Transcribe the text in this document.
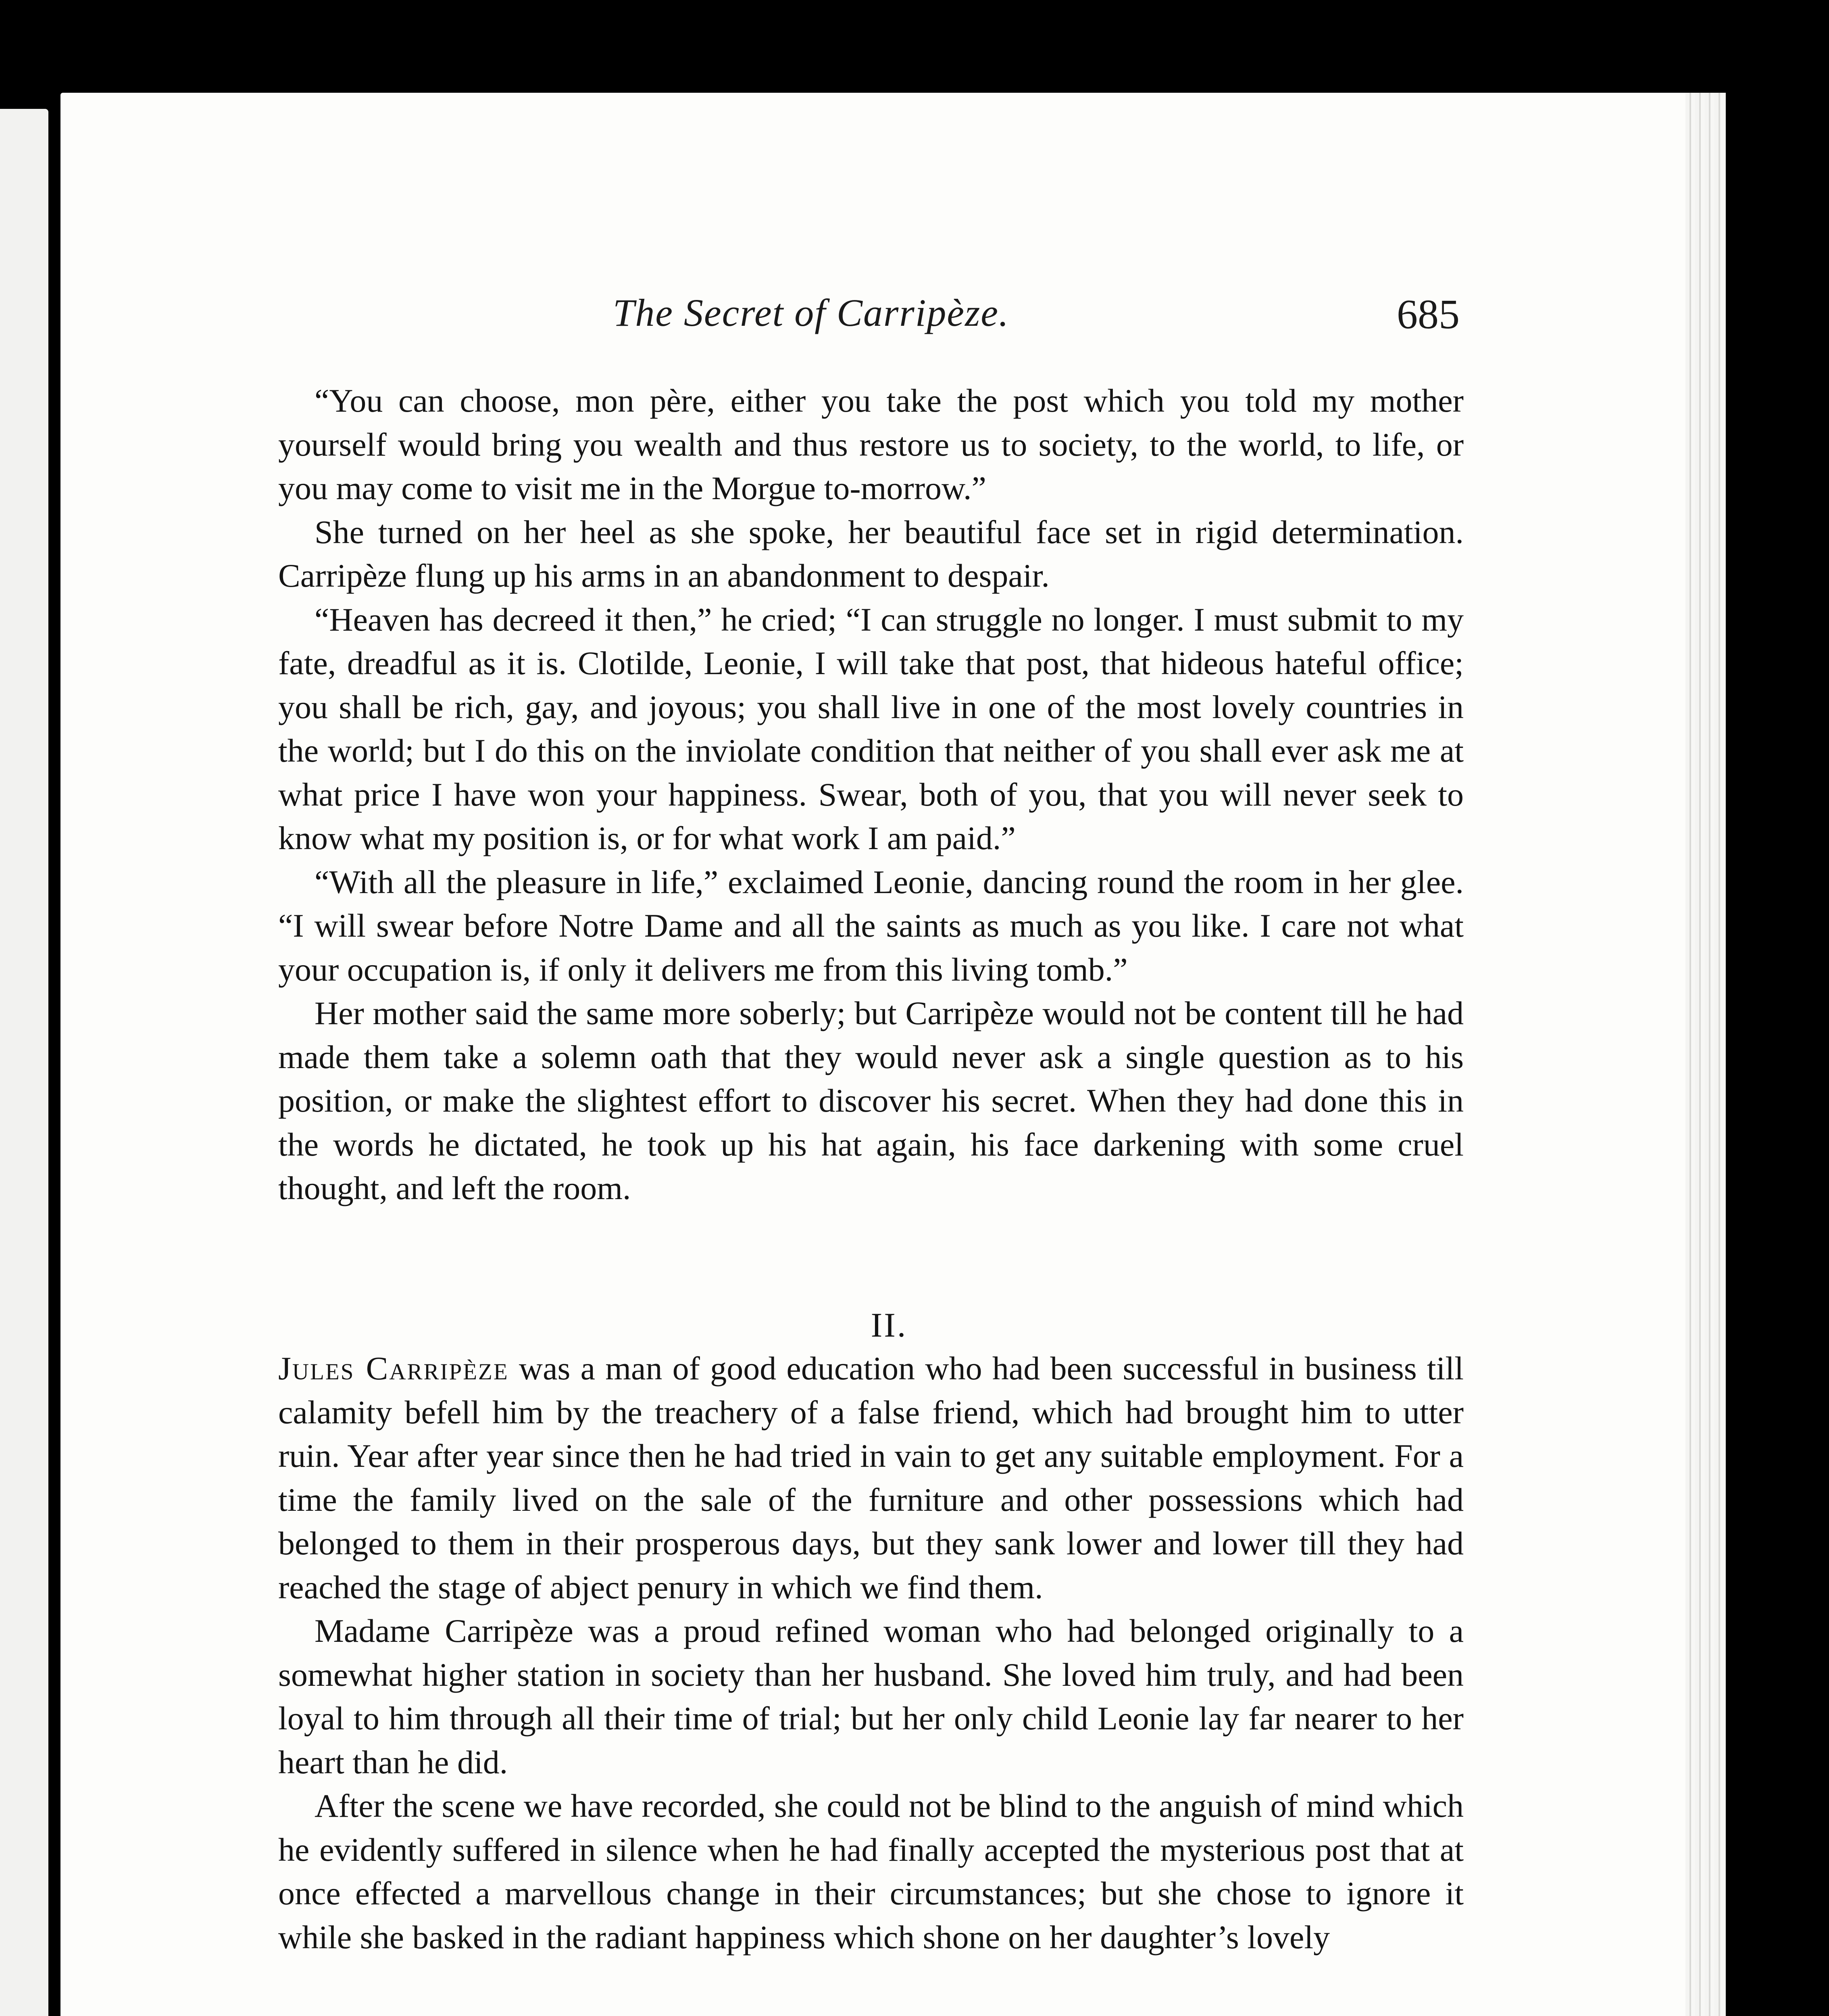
The Secret of Carripèze.	685

“You can choose, mon père, either you take the post which you told my mother yourself would bring you wealth and thus restore us to society, to the world, to life, or you may come to visit me in the Morgue to-morrow.”

She turned on her heel as she spoke, her beautiful face set in rigid determination. Carripèze flung up his arms in an abandonment to despair.

“Heaven has decreed it then,” he cried; “I can struggle no longer. I must submit to my fate, dreadful as it is. Clotilde, Leonie, I will take that post, that hideous hateful office; you shall be rich, gay, and joyous; you shall live in one of the most lovely countries in the world; but I do this on the inviolate condition that neither of you shall ever ask me at what price I have won your happiness. Swear, both of you, that you will never seek to know what my position is, or for what work I am paid.”

“With all the pleasure in life,” exclaimed Leonie, dancing round the room in her glee. “I will swear before Notre Dame and all the saints as much as you like. I care not what your occupation is, if only it delivers me from this living tomb.”

Her mother said the same more soberly; but Carripèze would not be content till he had made them take a solemn oath that they would never ask a single question as to his position, or make the slightest effort to discover his secret. When they had done this in the words he dictated, he took up his hat again, his face darkening with some cruel thought, and left the room.

II.

Jules Carripèze was a man of good education who had been successful in business till calamity befell him by the treachery of a false friend, which had brought him to utter ruin. Year after year since then he had tried in vain to get any suitable employment. For a time the family lived on the sale of the furniture and other possessions which had belonged to them in their prosperous days, but they sank lower and lower till they had reached the stage of abject penury in which we find them.

Madame Carripèze was a proud refined woman who had belonged originally to a somewhat higher station in society than her husband. She loved him truly, and had been loyal to him through all their time of trial; but her only child Leonie lay far nearer to her heart than he did.

After the scene we have recorded, she could not be blind to the anguish of mind which he evidently suffered in silence when he had finally accepted the mysterious post that at once effected a marvellous change in their circumstances; but she chose to ignore it while she basked in the radiant happiness which shone on her daughter’s lovely
